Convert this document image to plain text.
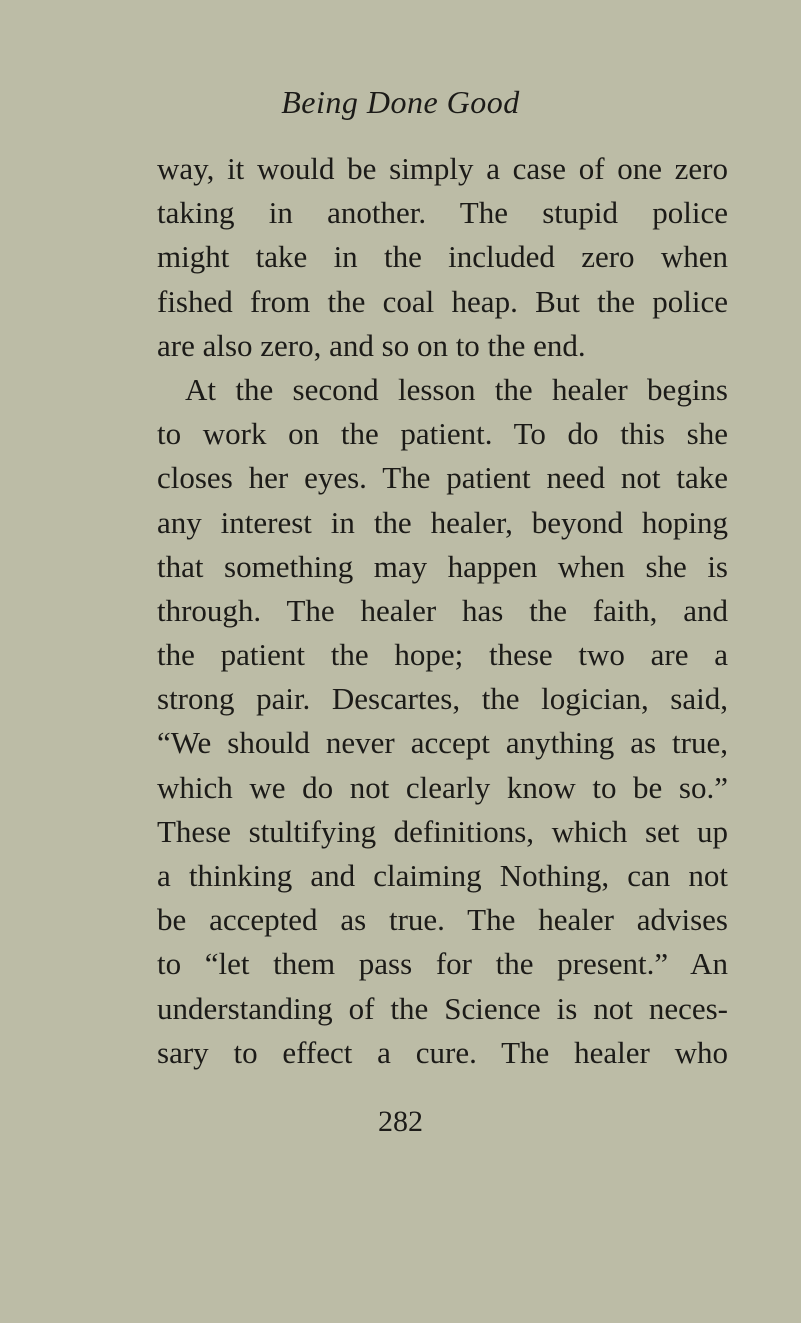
Being Done Good
way, it would be simply a case of one zero
taking in another. The stupid police
might take in the included zero when
fished from the coal heap. But the police
are also zero, and so on to the end.
At the second lesson the healer begins
to work on the patient. To do this she
closes her eyes. The patient need not take
any interest in the healer, beyond hoping
that something may happen when she is
through. The healer has the faith, and
the patient the hope; these two are a
strong pair. Descartes, the logician, said,
“We should never accept anything as true,
which we do not clearly know to be so.”
These stultifying definitions, which set up
a thinking and claiming Nothing, can not
be accepted as true. The healer advises
to “let them pass for the present.” An
understanding of the Science is not neces-
sary to effect a cure. The healer who
282
